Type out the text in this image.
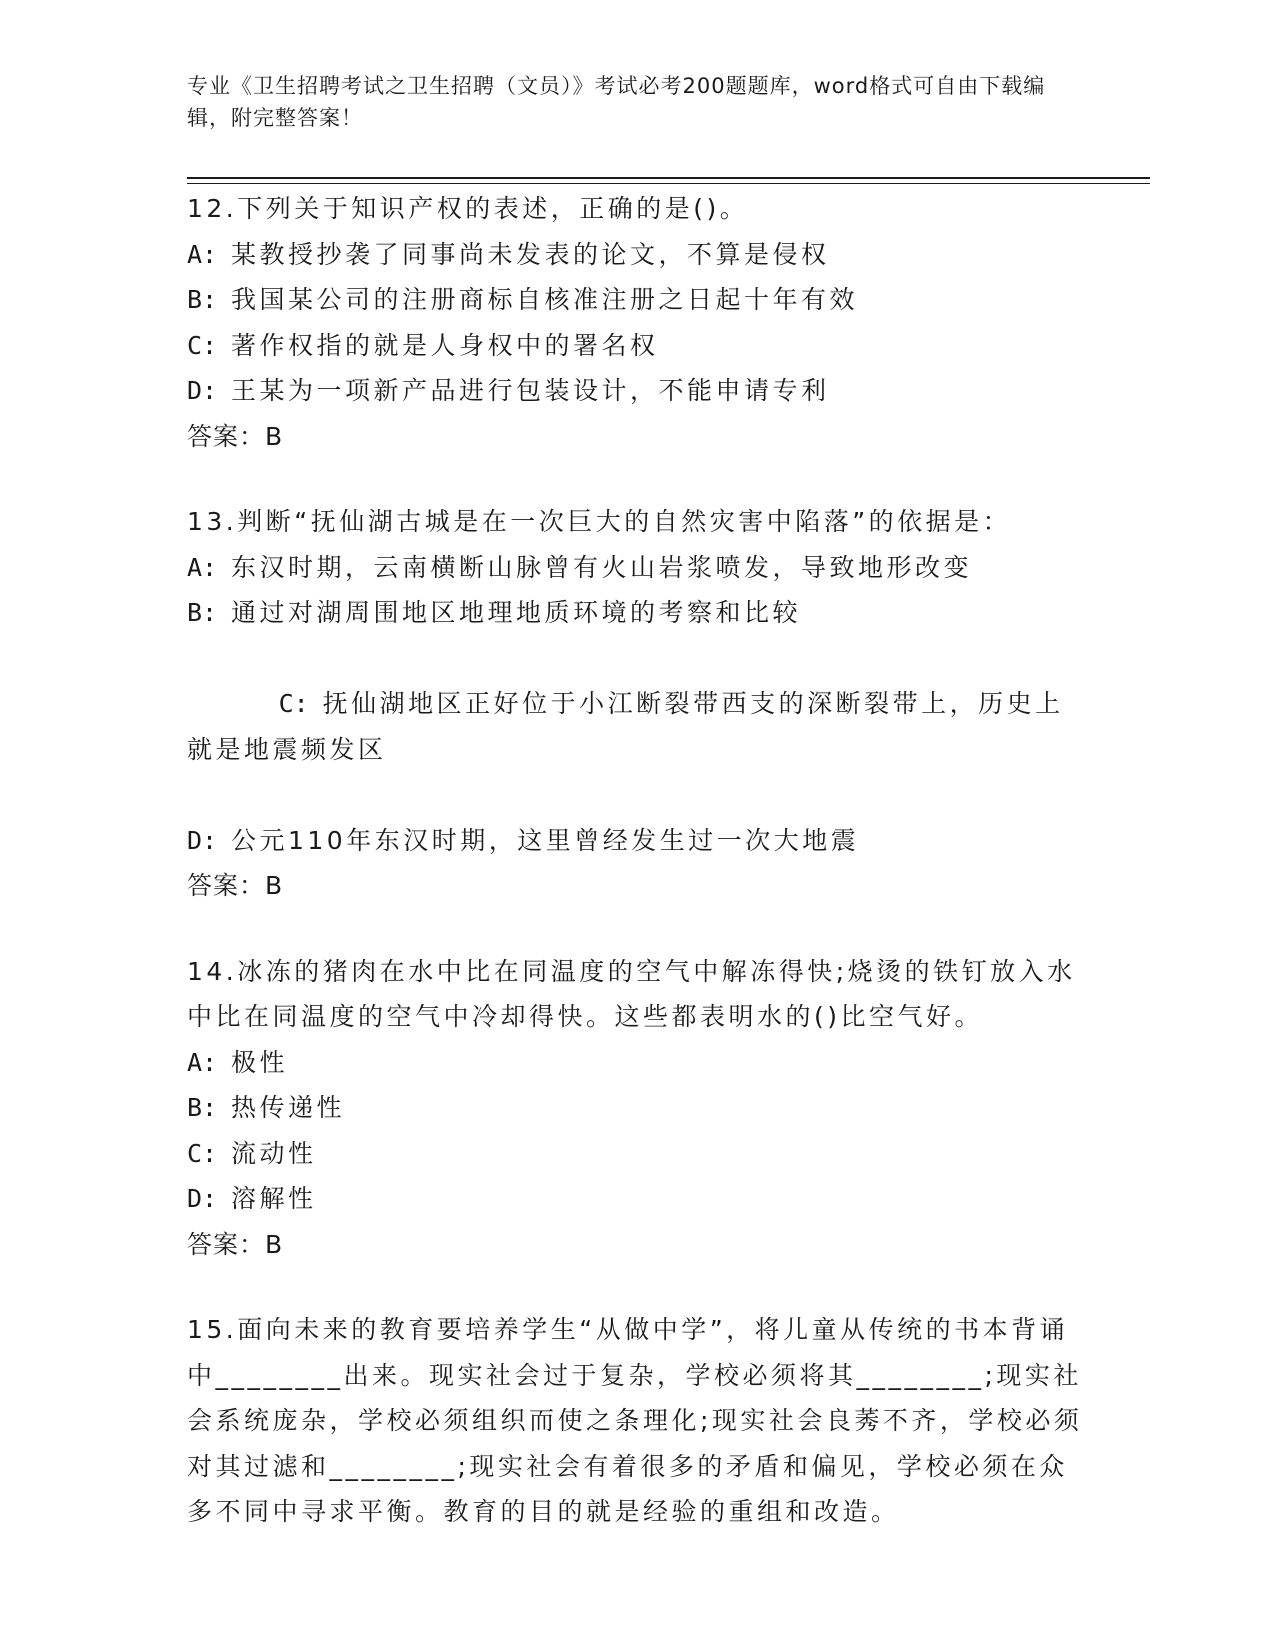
专业《卫生招聘考试之卫生招聘（文员）》考试必考200题题库，word格式可自由下载编辑，附完整答案！
12.下列关于知识产权的表述，正确的是()。
A: 某教授抄袭了同事尚未发表的论文，不算是侵权
B: 我国某公司的注册商标自核准注册之日起十年有效
C: 著作权指的就是人身权中的署名权
D: 王某为一项新产品进行包装设计，不能申请专利
答案：B
13.判断“抚仙湖古城是在一次巨大的自然灾害中陷落”的依据是：
A: 东汉时期，云南横断山脉曾有火山岩浆喷发，导致地形改变
B: 通过对湖周围地区地理地质环境的考察和比较

C: 抚仙湖地区正好位于小江断裂带西支的深断裂带上，历史上就是地震频发区

D: 公元110年东汉时期，这里曾经发生过一次大地震
答案：B
14.冰冻的猪肉在水中比在同温度的空气中解冻得快;烧烫的铁钉放入水中比在同温度的空气中冷却得快。这些都表明水的()比空气好。
A: 极性
B: 热传递性
C: 流动性
D: 溶解性
答案：B
15.面向未来的教育要培养学生“从做中学”，将儿童从传统的书本背诵中________出来。现实社会过于复杂，学校必须将其________;现实社会系统庞杂，学校必须组织而使之条理化;现实社会良莠不齐，学校必须对其过滤和________;现实社会有着很多的矛盾和偏见，学校必须在众多不同中寻求平衡。教育的目的就是经验的重组和改造。
